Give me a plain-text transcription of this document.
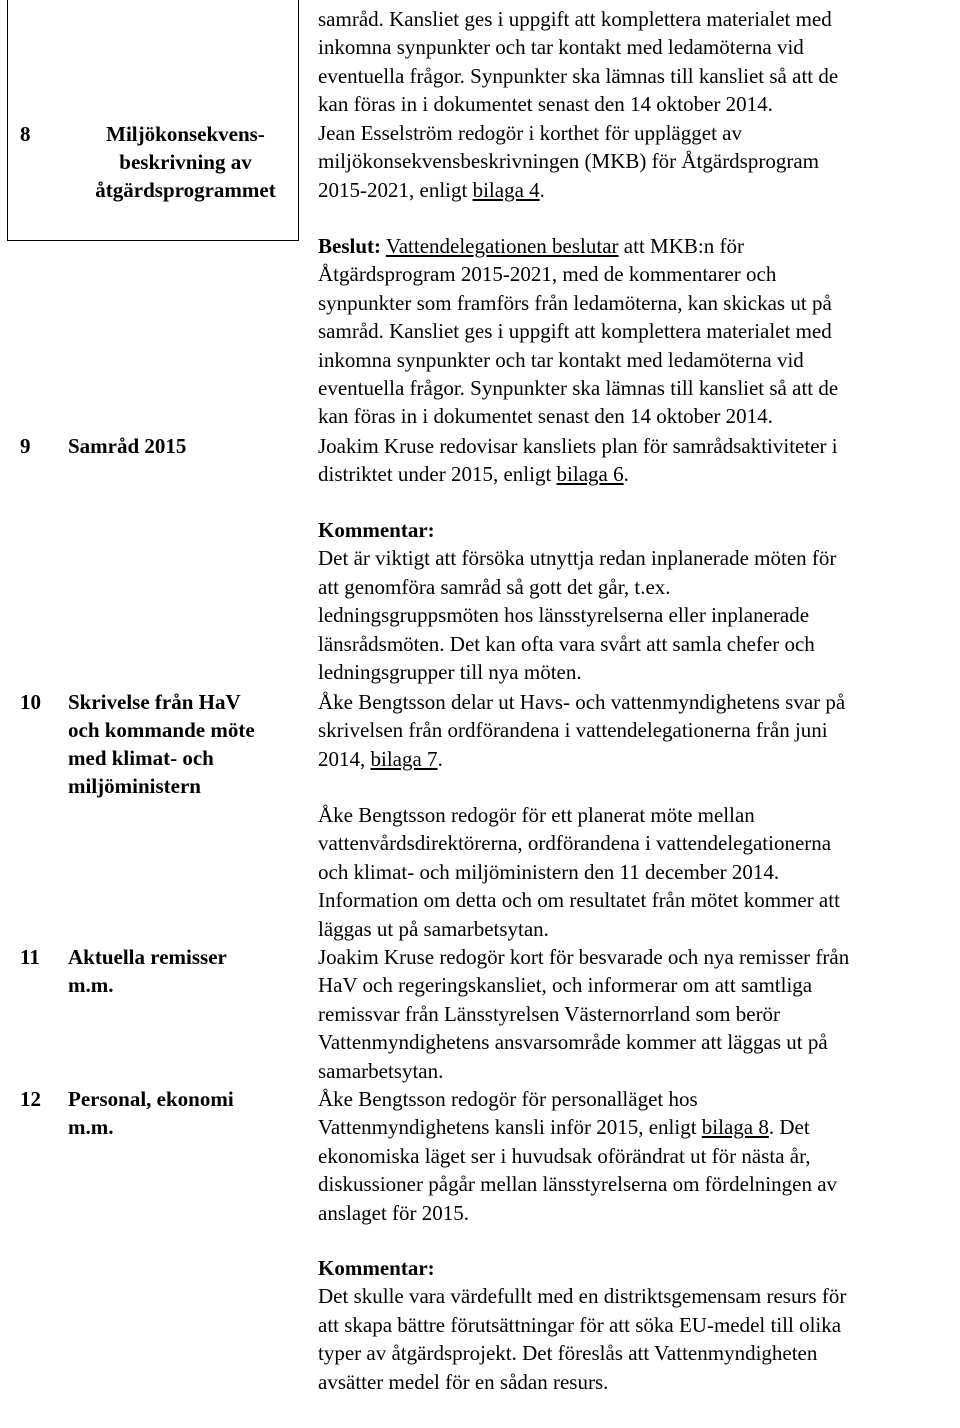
8	Miljökonsekvens-
beskrivning av
åtgärdsprogrammet
9 Samråd 2015
10 Skrivelse från HaV
och kommande möte
med klimat- och
miljöministern
11 Aktuella remisser
m.m.
12 Personal, ekonomi
m.m.

samråd. Kansliet ges i uppgift att komplettera materialet med

inkomna synpunkter och tar kontakt med ledamöterna vid

eventuella frågor. Synpunkter ska lämnas till kansliet så att de

kan föras in i dokumentet senast den 14 oktober 2014.

Jean Esselström redogör i korthet för upplägget av

miljökonsekvensbeskrivningen (MKB) för Åtgärdsprogram

2015-2021, enligt bilaga 4.

Beslut: Vattendelegationen beslutar att MKB:n för

Åtgärdsprogram 2015-2021, med de kommentarer och

synpunkter som framförs från ledamöterna, kan skickas ut på

samråd. Kansliet ges i uppgift att komplettera materialet med

inkomna synpunkter och tar kontakt med ledamöterna vid

eventuella frågor. Synpunkter ska lämnas till kansliet så att de

kan föras in i dokumentet senast den 14 oktober 2014.

Joakim Kruse redovisar kansliets plan för samrådsaktiviteter i

distriktet under 2015, enligt bilaga 6.

Kommentar:

Det är viktigt att försöka utnyttja redan inplanerade möten för

att genomföra samråd så gott det går, t.ex.

ledningsgruppsmöten hos länsstyrelserna eller inplanerade

länsrådsmöten. Det kan ofta vara svårt att samla chefer och

ledningsgrupper till nya möten.

Åke Bengtsson delar ut Havs- och vattenmyndighetens svar på

skrivelsen från ordförandena i vattendelegationerna från juni

2014, bilaga 7.

Åke Bengtsson redogör för ett planerat möte mellan

vattenvårdsdirektörerna, ordförandena i vattendelegationerna

och klimat- och miljöministern den 11 december 2014.

Information om detta och om resultatet från mötet kommer att

läggas ut på samarbetsytan.

Joakim Kruse redogör kort för besvarade och nya remisser från

HaV och regeringskansliet, och informerar om att samtliga

remissvar från Länsstyrelsen Västernorrland som berör

Vattenmyndighetens ansvarsområde kommer att läggas ut på

samarbetsytan.

Åke Bengtsson redogör för personalläget hos

Vattenmyndighetens kansli inför 2015, enligt bilaga 8. Det

ekonomiska läget ser i huvudsak oförändrat ut för nästa år,

diskussioner pågår mellan länsstyrelserna om fördelningen av

anslaget för 2015.

Kommentar:

Det skulle vara värdefullt med en distriktsgemensam resurs för

att skapa bättre förutsättningar för att söka EU-medel till olika

typer av åtgärdsprojekt. Det föreslås att Vattenmyndigheten

avsätter medel för en sådan resurs.
